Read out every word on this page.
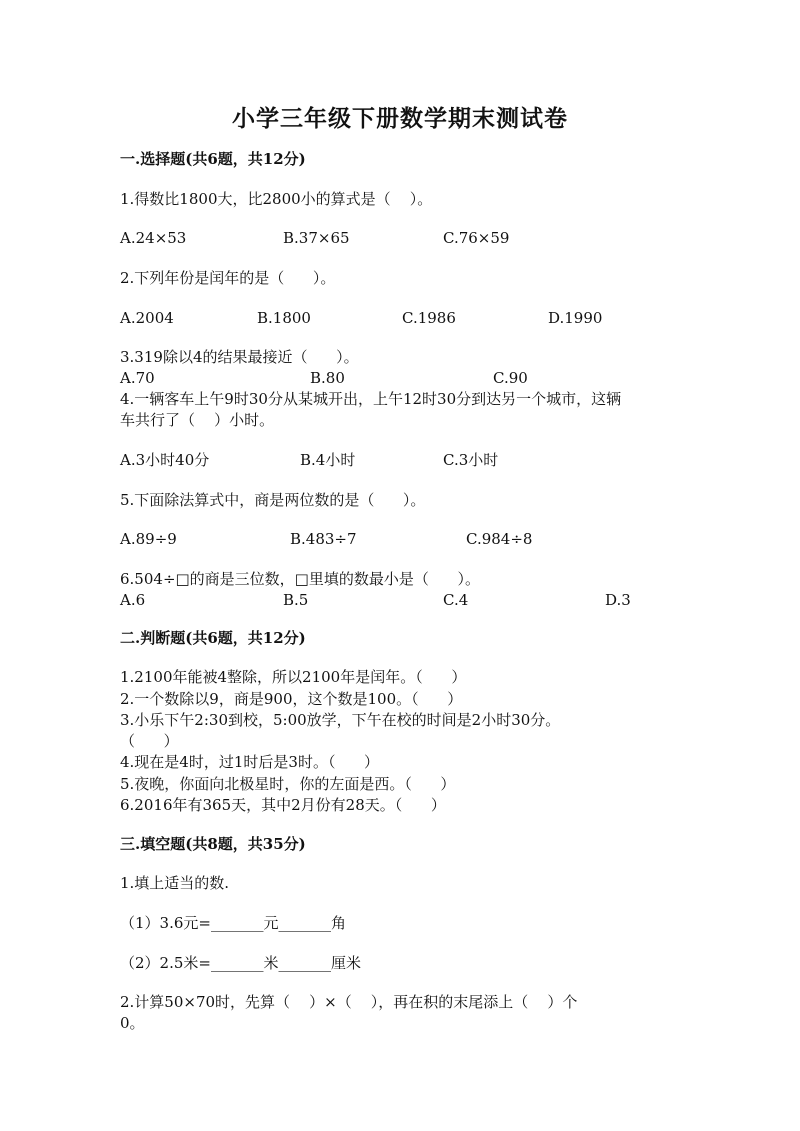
小学三年级下册数学期末测试卷
一.选择题(共6题，共12分)
1.得数比1800大，比2800小的算式是（    ）。
A.24×53	B.37×65	C.76×59
2.下列年份是闰年的是（      ）。
A.2004	B.1800	C.1986	D.1990
3.319除以4的结果最接近（      ）。
A.70	B.80	C.90
4.一辆客车上午9时30分从某城开出，上午12时30分到达另一个城市，这辆
车共行了（    ）小时。
A.3小时40分	B.4小时	C.3小时
5.下面除法算式中，商是两位数的是（      ）。
A.89÷9	B.483÷7	C.984÷8
6.504÷□的商是三位数，□里填的数最小是（      ）。
A.6	B.5	C.4	D.3
二.判断题(共6题，共12分)
1.2100年能被4整除，所以2100年是闰年。（      ）
2.一个数除以9，商是900，这个数是100。（      ）
3.小乐下午2:30到校，5:00放学，下午在校的时间是2小时30分。
（      ）
4.现在是4时，过1时后是3时。（      ）
5.夜晚，你面向北极星时，你的左面是西。（      ）
6.2016年有365天，其中2月份有28天。（      ）
三.填空题(共8题，共35分)
1.填上适当的数.
（1）3.6元=_______元_______角
（2）2.5米=_______米_______厘米
2.计算50×70时，先算（    ）×（    ），再在积的末尾添上（    ）个
0。
